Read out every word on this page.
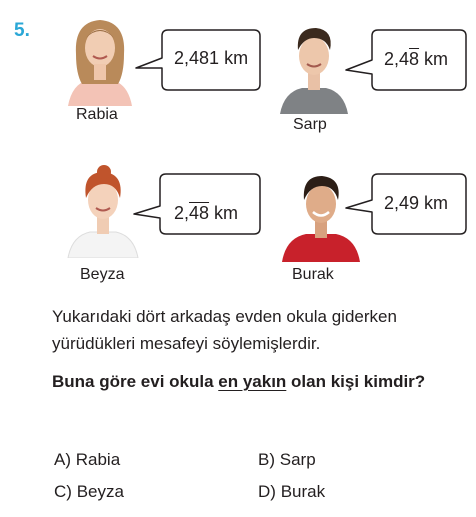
5.
Rabia
2,481 km
Sarp
2,48 km
Beyza
2,48 km
Burak
2,49 km
Yukarıdaki dört arkadaş evden okula giderken yürüdükleri mesafeyi söylemişlerdir.
Buna göre evi okula en yakın olan kişi kimdir?
A) Rabia	B) Sarp
C) Beyza	D) Burak
